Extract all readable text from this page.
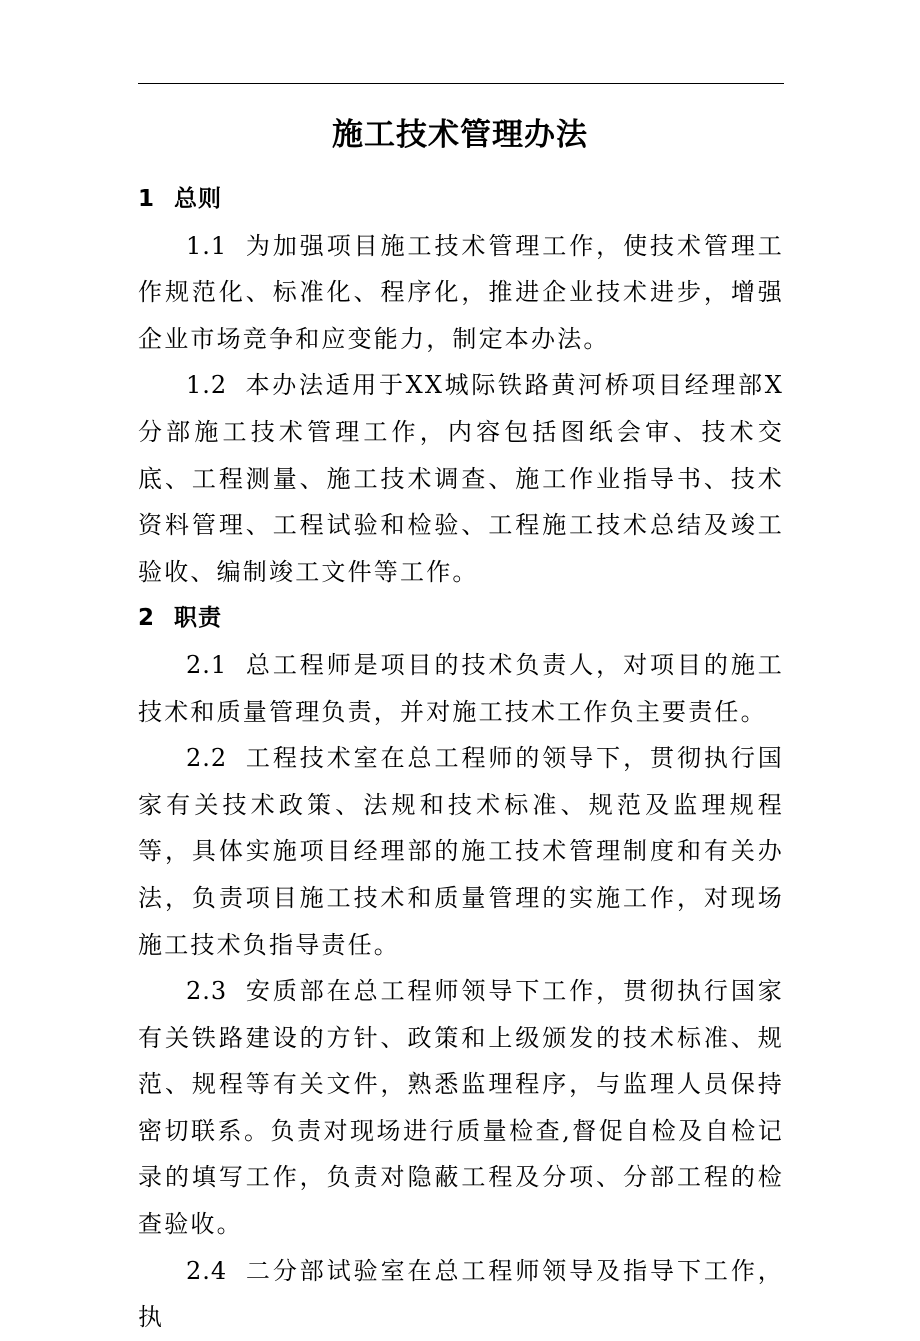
施工技术管理办法

1 总则

1.1 为加强项目施工技术管理工作，使技术管理工作规范化、标准化、程序化，推进企业技术进步，增强企业市场竞争和应变能力，制定本办法。

1.2 本办法适用于XX城际铁路黄河桥项目经理部X分部施工技术管理工作，内容包括图纸会审、技术交底、工程测量、施工技术调查、施工作业指导书、技术资料管理、工程试验和检验、工程施工技术总结及竣工验收、编制竣工文件等工作。

2 职责

2.1 总工程师是项目的技术负责人，对项目的施工技术和质量管理负责，并对施工技术工作负主要责任。

2.2 工程技术室在总工程师的领导下，贯彻执行国家有关技术政策、法规和技术标准、规范及监理规程等，具体实施项目经理部的施工技术管理制度和有关办法，负责项目施工技术和质量管理的实施工作，对现场施工技术负指导责任。

2.3 安质部在总工程师领导下工作，贯彻执行国家有关铁路建设的方针、政策和上级颁发的技术标准、规范、规程等有关文件，熟悉监理程序，与监理人员保持密切联系。负责对现场进行质量检查,督促自检及自检记录的填写工作，负责对隐蔽工程及分项、分部工程的检查验收。

2.4 二分部试验室在总工程师领导及指导下工作，执
